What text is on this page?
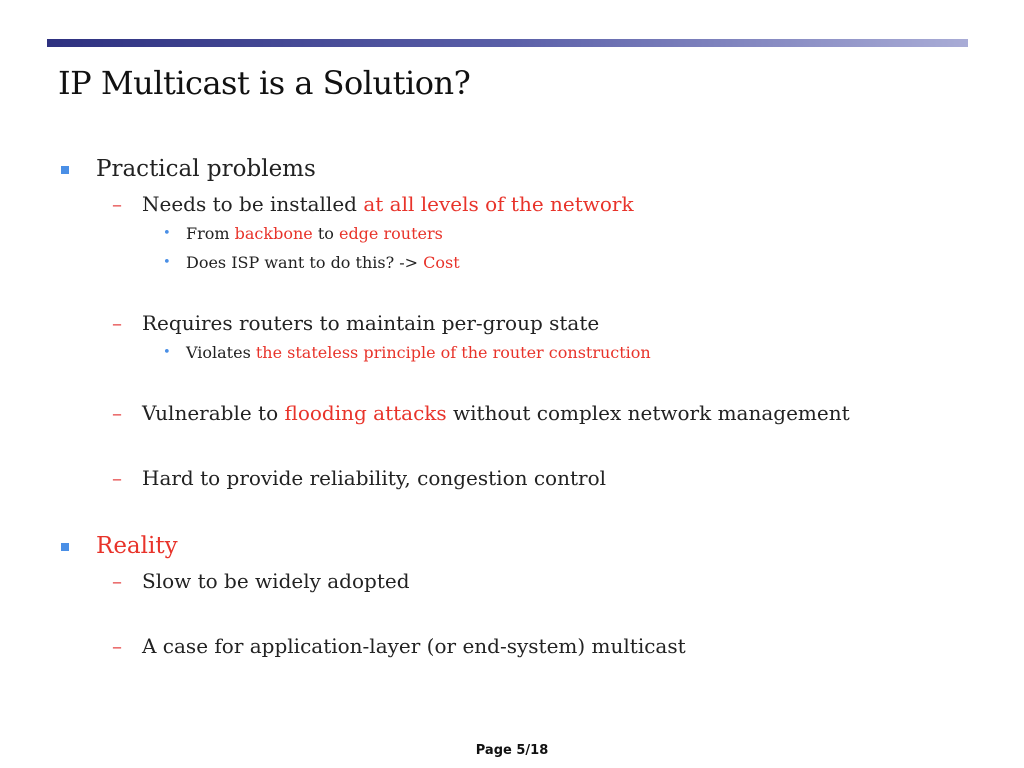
IP Multicast is a Solution?
Practical problems
– Needs to be installed at all levels of the network
• From backbone to edge routers
• Does ISP want to do this? -> Cost
– Requires routers to maintain per-group state
• Violates the stateless principle of the router construction
– Vulnerable to flooding attacks without complex network management
– Hard to provide reliability, congestion control
Reality
– Slow to be widely adopted
– A case for application-layer (or end-system) multicast
Page 5/18
